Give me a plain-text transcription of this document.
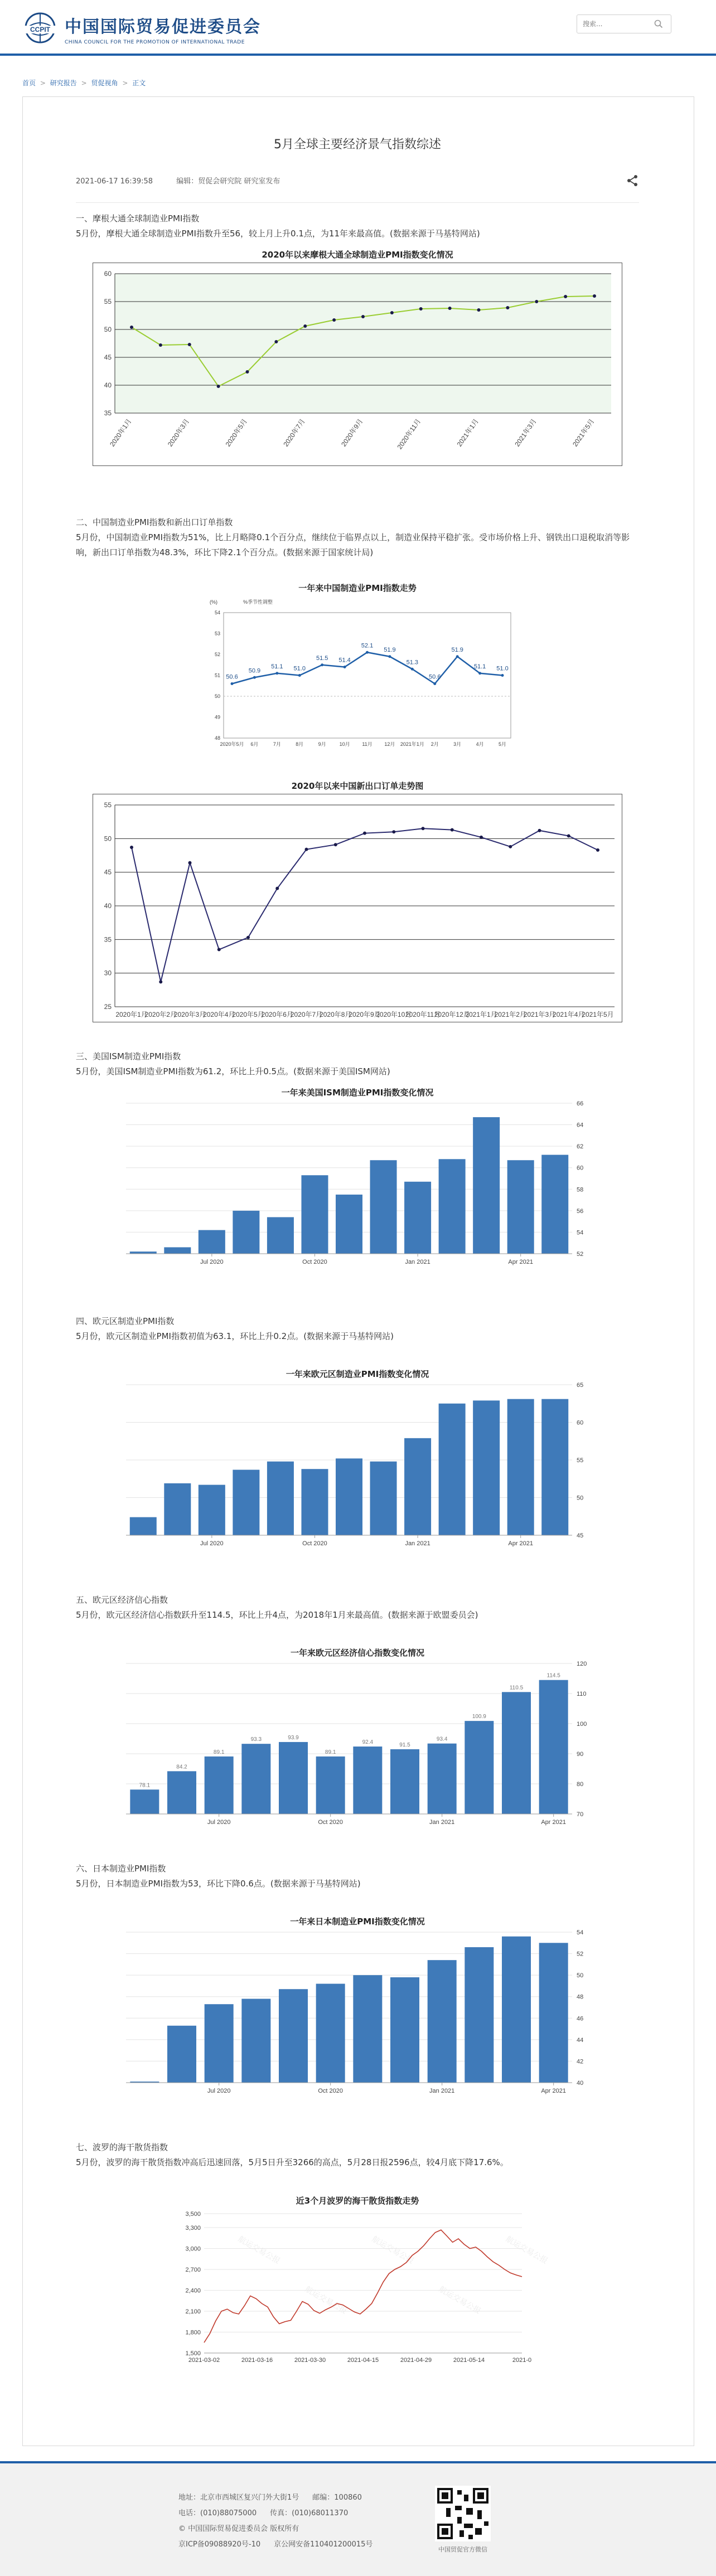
CCPIT 中国国际贸易促进委员会
CHINA COUNCIL FOR THE PROMOTION OF INTERNATIONAL TRADE
搜索...
首页 > 研究报告 > 贸促视角 > 正文
5月全球主要经济景气指数综述
2021-06-17 16:39:58	编辑：贸促会研究院 研究室发布
一、摩根大通全球制造业PMI指数
5月份，摩根大通全球制造业PMI指数升至56，较上月上升0.1点，为11年来最高值。(数据来源于马基特网站)
2020年以来摩根大通全球制造业PMI指数变化情况
35
40
45
50
55
60
2020年1月	2020年3月	2020年5月	2020年7月	2020年9月	2020年11月	2021年1月	2021年3月	2021年5月
二、中国制造业PMI指数和新出口订单指数
5月份，中国制造业PMI指数为51%，比上月略降0.1个百分点，继续位于临界点以上，制造业保持平稳扩张。受市场价格上升、钢铁出口退税取消等影响，新出口订单指数为48.3%，环比下降2.1个百分点。(数据来源于国家统计局)
一年来中国制造业PMI指数走势
(%)	%季节性调整
48
49
50
51
52
53
54
50.6
50.9
51.1 51.0
51.5 51.4
52.1
51.9
51.3
50.6
51.9
51.1 51.0
2020年5月 6月	7月	8月	9月	10月 11月 12月 2021年1月 2月	3月	4月	5月
2020年以来中国新出口订单走势图
25
30
35
40
45
50
55
2020年1月
2020年2月
2020年3月
2020年4月
2020年5月
2020年6月
2020年7月
2020年8月
2020年9月
2020年10月
2020年11月
2020年12月
2021年1月
2021年2月
2021年3月
2021年4月
2021年5月
三、美国ISM制造业PMI指数
5月份，美国ISM制造业PMI指数为61.2，环比上升0.5点。(数据来源于美国ISM网站)
一年来美国ISM制造业PMI指数变化情况
52
54
56
58
60
62
64
66
Jul 2020	Oct 2020	Jan 2021	Apr 2021
四、欧元区制造业PMI指数
5月份，欧元区制造业PMI指数初值为63.1，环比上升0.2点。(数据来源于马基特网站)
一年来欧元区制造业PMI指数变化情况
45
50
55
60
65
Jul 2020	Oct 2020	Jan 2021	Apr 2021
五、欧元区经济信心指数
5月份，欧元区经济信心指数跃升至114.5，环比上升4点，为2018年1月来最高值。(数据来源于欧盟委员会)
一年来欧元区经济信心指数变化情况
70
80
90
100
110
120
78.1
84.2
89.1
93.3	93.9
89.1
92.4	91.5
93.4
100.9
110.5
114.5
Jul 2020	Oct 2020	Jan 2021	Apr 2021
六、日本制造业PMI指数
5月份，日本制造业PMI指数为53，环比下降0.6点。(数据来源于马基特网站)
一年来日本制造业PMI指数变化情况
40
42
44
46
48
50
52
54
Jul 2020	Oct 2020	Jan 2021	Apr 2021
七、波罗的海干散货指数
5月份，波罗的海干散货指数冲高后迅速回落，5月5日升至3266的高点，5月28日报2596点，较4月底下降17.6%。
近3个月波罗的海干散货指数走势
航运交易公报
航运交易公报
航运交易公报
航运交易公报
航运交易公报
1,500
1,800
2,100
2,400
2,700
3,000
3,300
3,500
2021-03-02	2021-03-16	2021-03-30	2021-04-15	2021-04-29	2021-05-14	2021-0
地址：北京市西城区复兴门外大街1号 邮编：100860
电话：(010)88075000 传真：(010)68011370
© 中国国际贸易促进委员会 版权所有
京ICP备09088920号-10 京公网安备110401200015号
中国贸促官方微信
